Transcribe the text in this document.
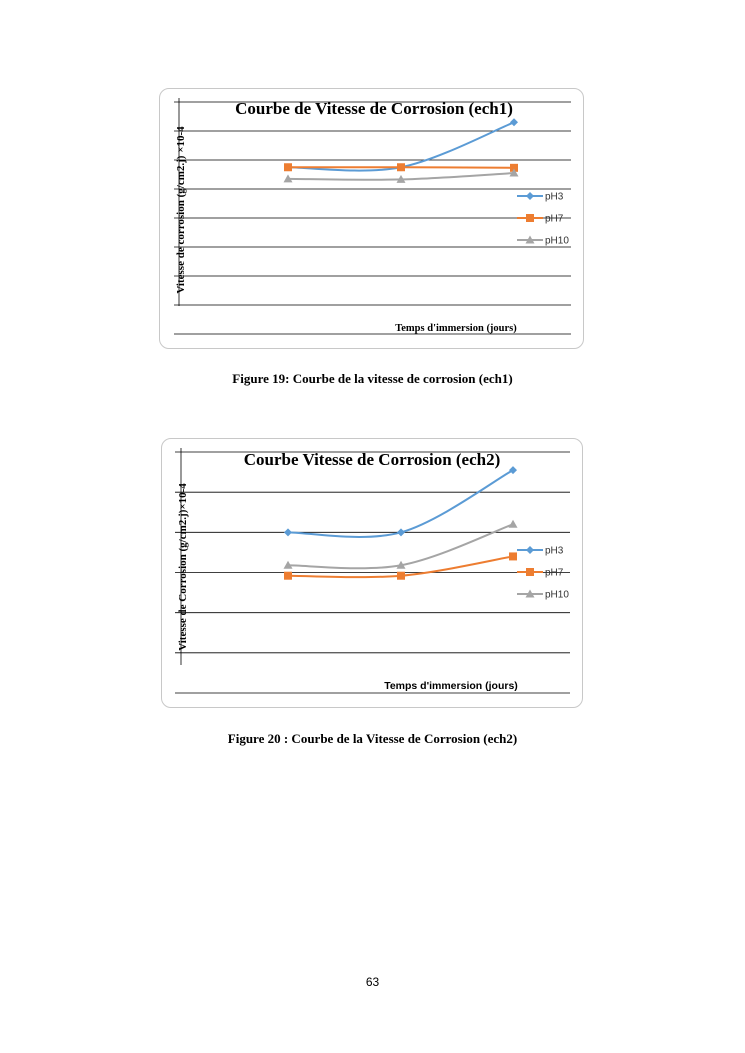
Courbe de Vitesse de Corrosion (ech1)
Vitesse de corrosion (g/cm2.j) ×10-4
Temps d'immersion (jours)
pH3
pH7
pH10
Figure 19: Courbe de la vitesse de corrosion (ech1)
Courbe Vitesse de Corrosion (ech2)
Vitesse de Corrosion (g/cm2.j)×10-4
Temps d'immersion (jours)
pH3
pH7
pH10
Figure 20 : Courbe de la Vitesse de Corrosion (ech2)
63
